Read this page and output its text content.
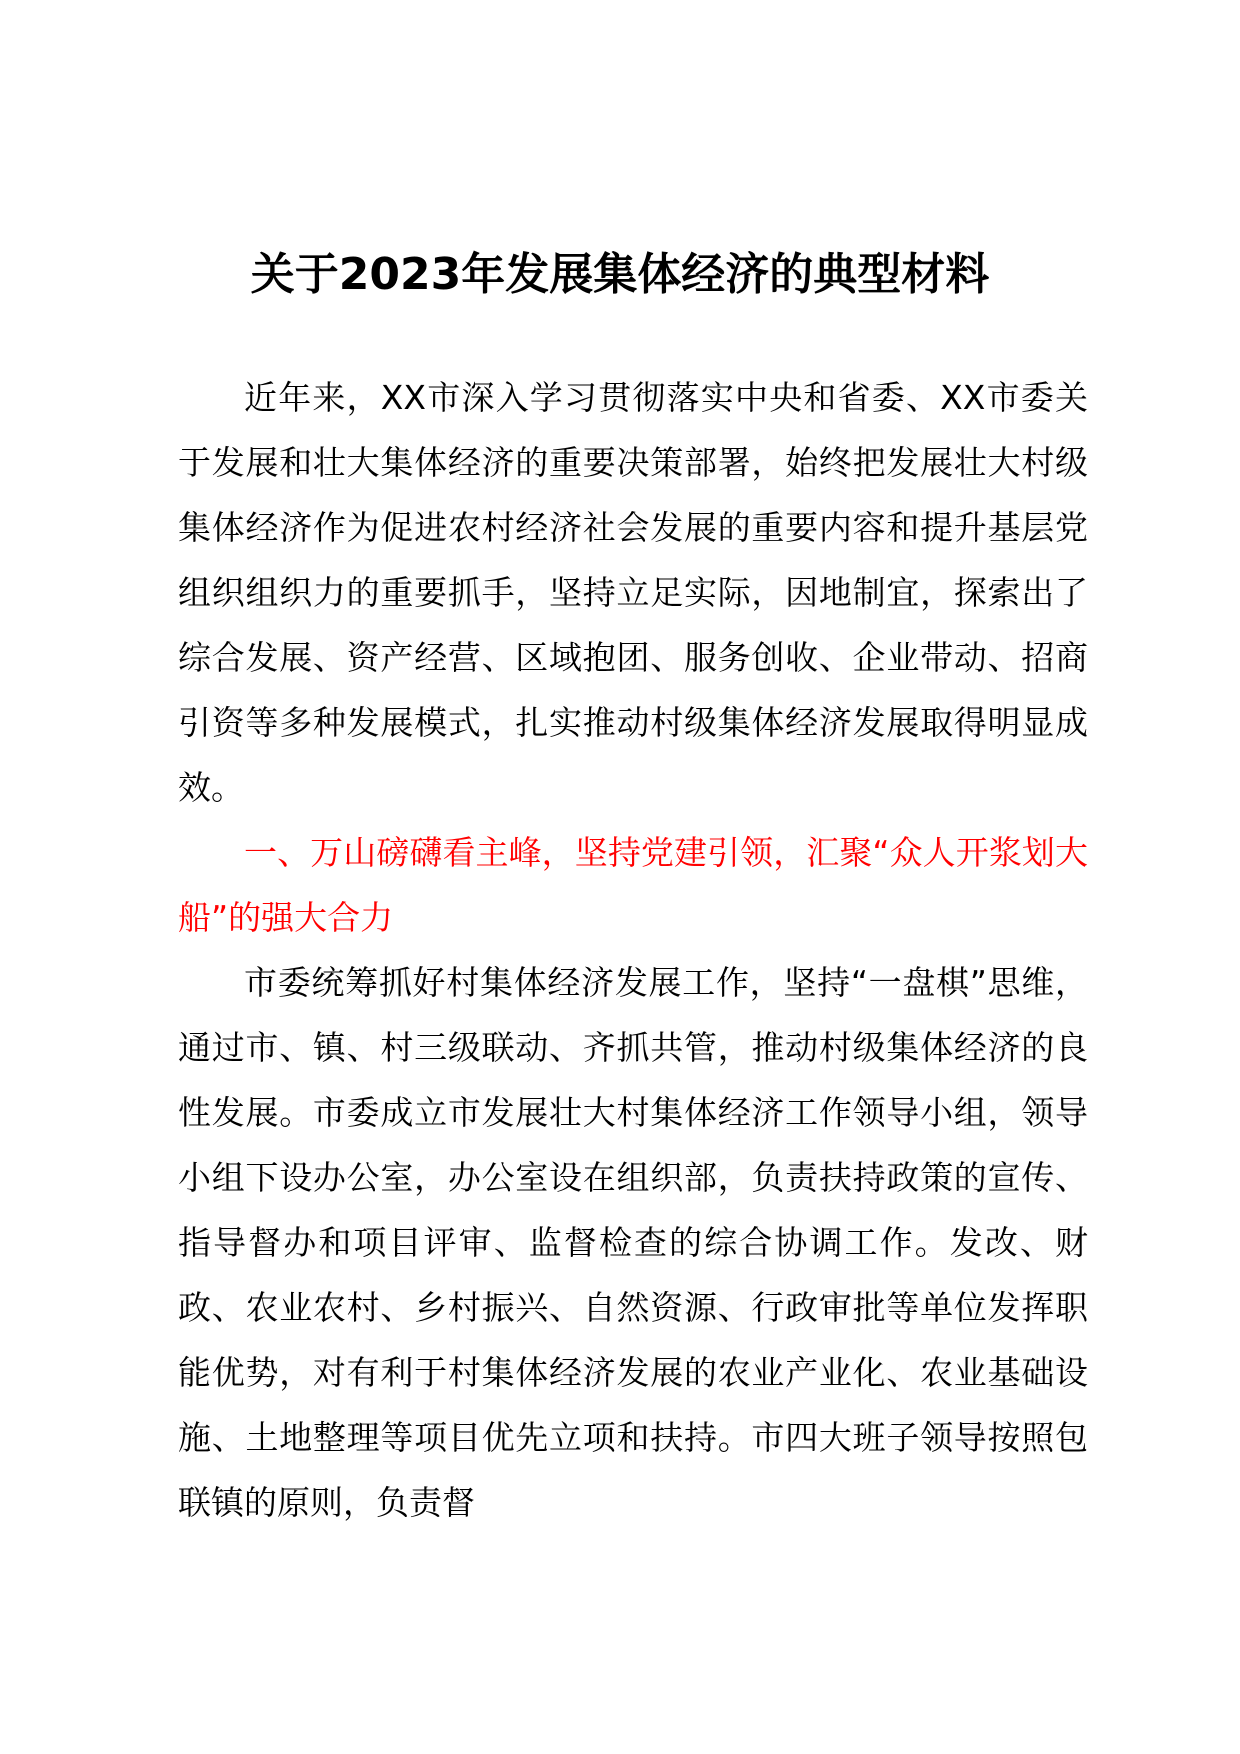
关于2023年发展集体经济的典型材料

近年来，XX市深入学习贯彻落实中央和省委、XX市委关于发展和壮大集体经济的重要决策部署，始终把发展壮大村级集体经济作为促进农村经济社会发展的重要内容和提升基层党组织组织力的重要抓手，坚持立足实际，因地制宜，探索出了综合发展、资产经营、区域抱团、服务创收、企业带动、招商引资等多种发展模式，扎实推动村级集体经济发展取得明显成效。

一、万山磅礴看主峰，坚持党建引领，汇聚“众人开浆划大船”的强大合力

市委统筹抓好村集体经济发展工作，坚持“一盘棋”思维，通过市、镇、村三级联动、齐抓共管，推动村级集体经济的良性发展。市委成立市发展壮大村集体经济工作领导小组，领导小组下设办公室，办公室设在组织部，负责扶持政策的宣传、指导督办和项目评审、监督检查的综合协调工作。发改、财政、农业农村、乡村振兴、自然资源、行政审批等单位发挥职能优势，对有利于村集体经济发展的农业产业化、农业基础设施、土地整理等项目优先立项和扶持。市四大班子领导按照包联镇的原则，负责督
